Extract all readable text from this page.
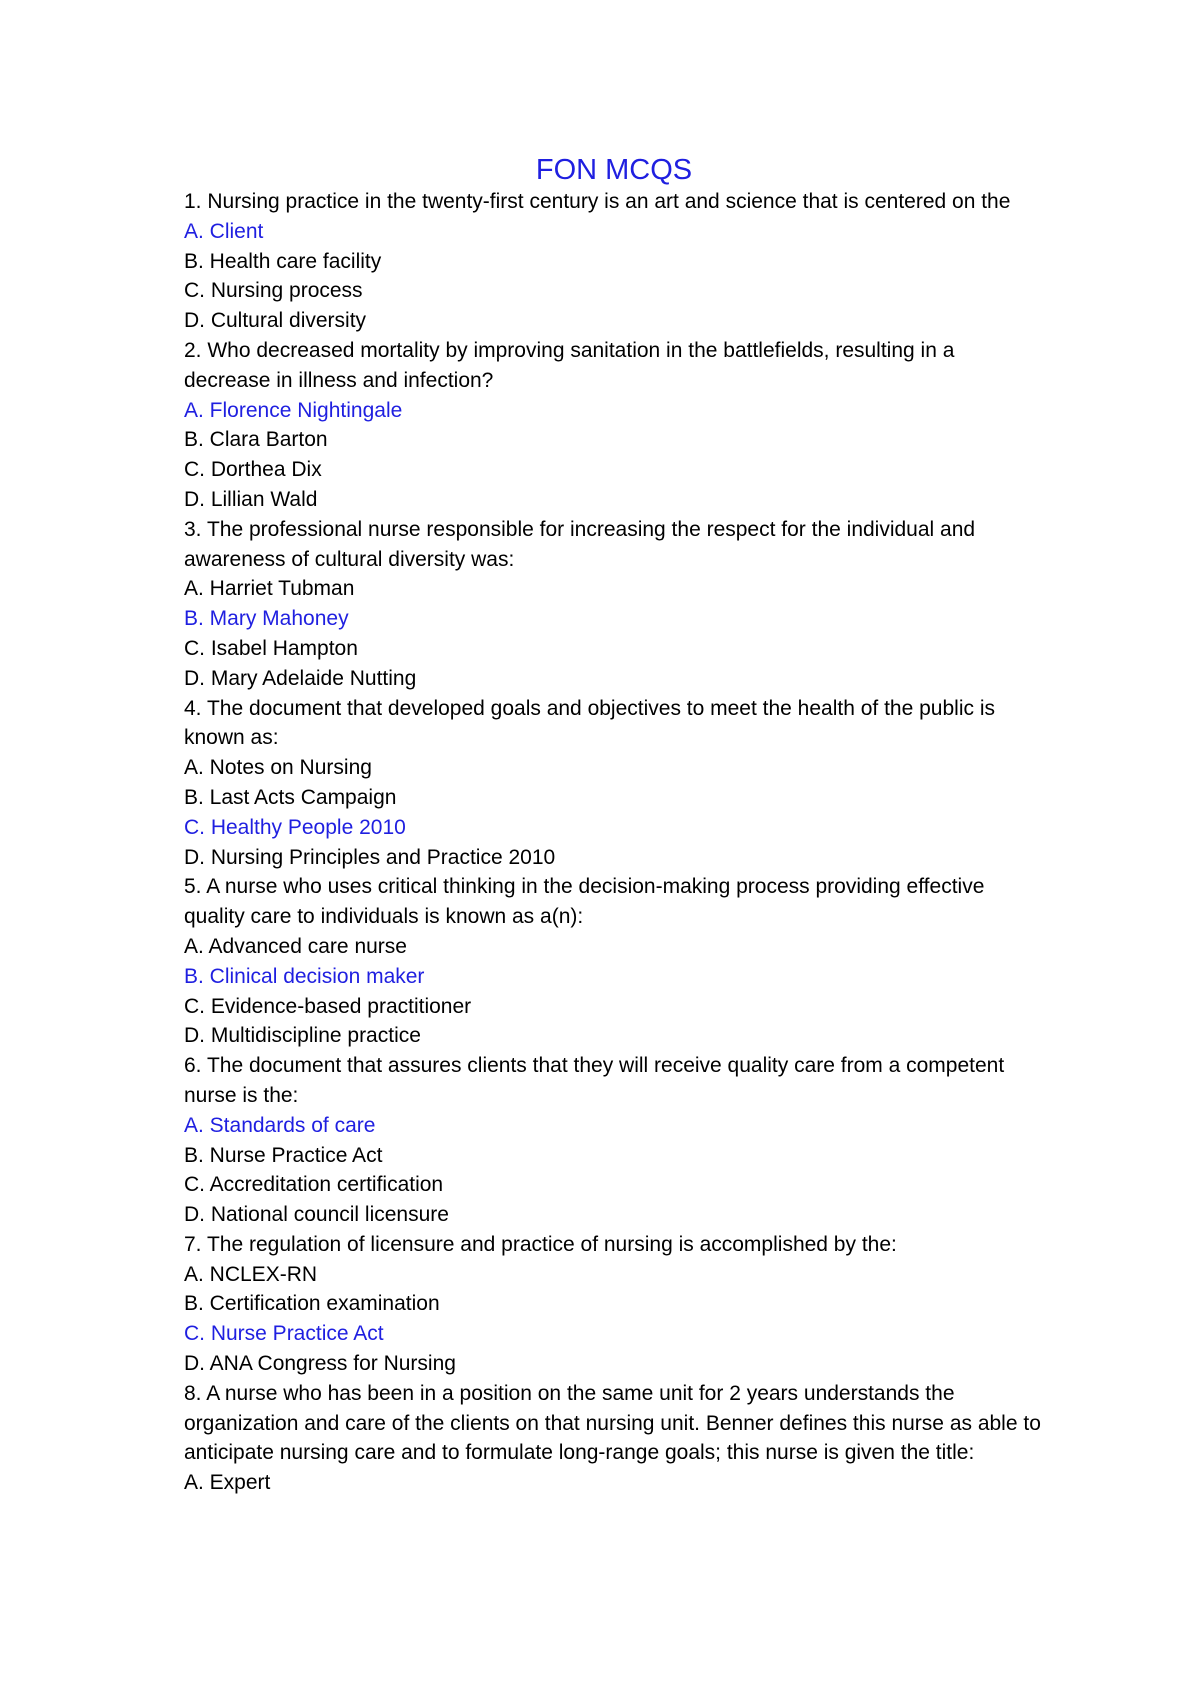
FON MCQS

1. Nursing practice in the twenty-first century is an art and science that is centered on the

A. Client

B. Health care facility

C. Nursing process

D. Cultural diversity

2. Who decreased mortality by improving sanitation in the battlefields, resulting in a decrease in illness and infection?

A. Florence Nightingale

B. Clara Barton

C. Dorthea Dix

D. Lillian Wald

3. The professional nurse responsible for increasing the respect for the individual and awareness of cultural diversity was:

A. Harriet Tubman

B. Mary Mahoney

C. Isabel Hampton

D. Mary Adelaide Nutting

4. The document that developed goals and objectives to meet the health of the public is known as:

A. Notes on Nursing

B. Last Acts Campaign

C. Healthy People 2010

D. Nursing Principles and Practice 2010

5. A nurse who uses critical thinking in the decision-making process providing effective quality care to individuals is known as a(n):

A. Advanced care nurse

B. Clinical decision maker

C. Evidence-based practitioner

D. Multidiscipline practice

6. The document that assures clients that they will receive quality care from a competent nurse is the:

A. Standards of care

B. Nurse Practice Act

C. Accreditation certification

D. National council licensure

7. The regulation of licensure and practice of nursing is accomplished by the:

A. NCLEX-RN

B. Certification examination

C. Nurse Practice Act

D. ANA Congress for Nursing

8. A nurse who has been in a position on the same unit for 2 years understands the organization and care of the clients on that nursing unit. Benner defines this nurse as able to anticipate nursing care and to formulate long-range goals; this nurse is given the title:

A. Expert
